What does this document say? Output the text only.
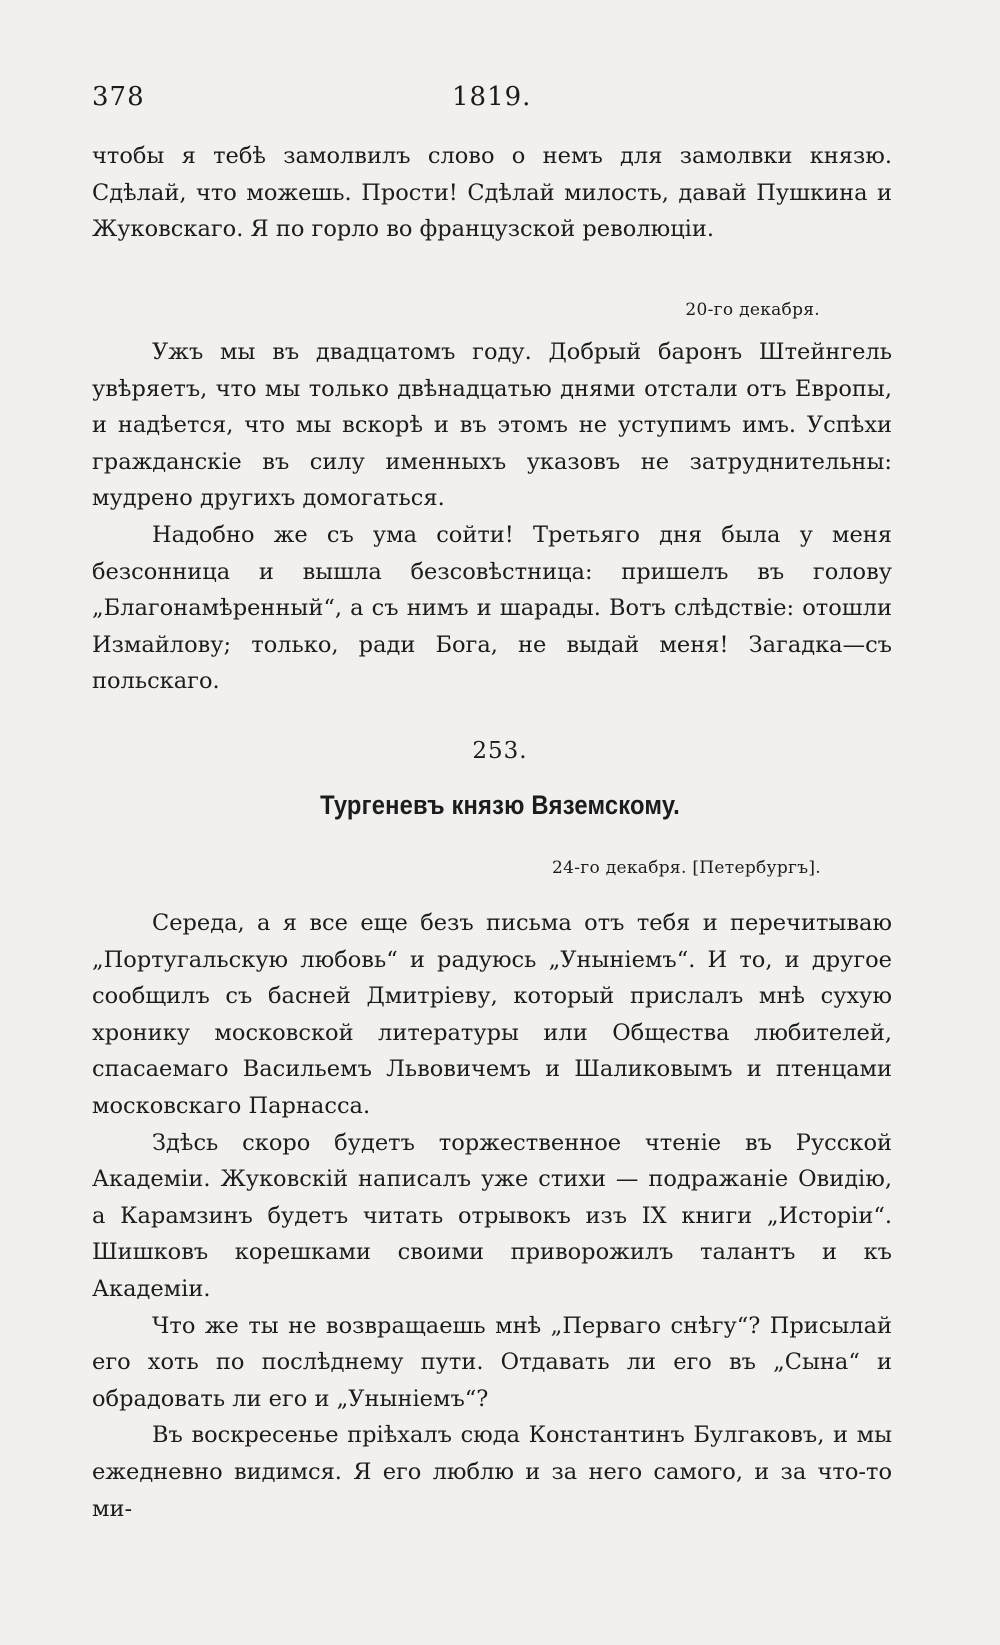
378	1819.

чтобы я тебѣ замолвилъ слово о немъ для замолвки князю. Сдѣлай, что можешь. Прости! Сдѣлай милость, давай Пушкина и Жуковскаго. Я по горло во французской революціи.

20-го декабря.

Ужъ мы въ двадцатомъ году. Добрый баронъ Штейнгель увѣряетъ, что мы только двѣнадцатью днями отстали отъ Европы, и надѣется, что мы вскорѣ и въ этомъ не уступимъ имъ. Успѣхи гражданскіе въ силу именныхъ указовъ не затруднительны: мудрено другихъ домогаться.

Надобно же съ ума сойти! Третьяго дня была у меня безсонница и вышла безсовѣстница: пришелъ въ голову „Благонамѣренный“, а съ нимъ и шарады. Вотъ слѣдствіе: отошли Измайлову; только, ради Бога, не выдай меня! Загадка—съ польскаго.

253.
Тургеневъ князю Вяземскому.
24-го декабря. [Петербургъ].

Середа, а я все еще безъ письма отъ тебя и перечитываю „Португальскую любовь“ и радуюсь „Уныніемъ“. И то, и другое сообщилъ съ басней Дмитріеву, который прислалъ мнѣ сухую хронику московской литературы или Общества любителей, спасаемаго Васильемъ Львовичемъ и Шаликовымъ и птенцами московскаго Парнасса.

Здѣсь скоро будетъ торжественное чтеніе въ Русской Академіи. Жуковскій написалъ уже стихи — подражаніе Овидію, а Карамзинъ будетъ читать отрывокъ изъ IX книги „Исторіи“. Шишковъ корешками своими приворожилъ талантъ и къ Академіи.

Что же ты не возвращаешь мнѣ „Перваго снѣгу“? Присылай его хоть по послѣднему пути. Отдавать ли его въ „Сына“ и обрадовать ли его и „Уныніемъ“?

Въ воскресенье пріѣхалъ сюда Константинъ Булгаковъ, и мы ежедневно видимся. Я его люблю и за него самого, и за что-то ми-
